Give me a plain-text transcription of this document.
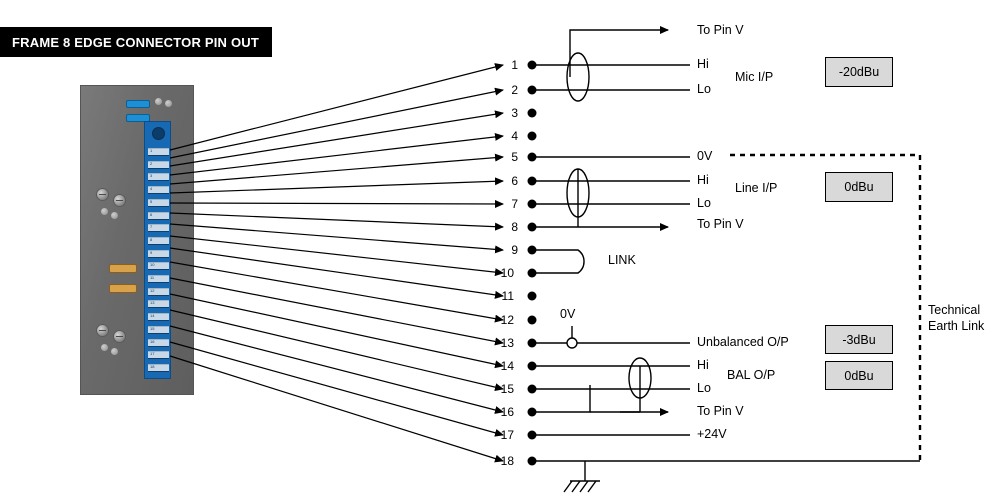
FRAME 8 EDGE CONNECTOR PIN OUT
1
2
3
4
5
6
7
8
9
10
11
12
13
14
15
16
17
18
1
2
3
4
5
6
7
8
9
10
11
12
13
14
15
16
17
18
To Pin V
Hi
Lo
Mic I/P
0V
Hi
Lo
Line I/P
To Pin V
LINK
0V
Unbalanced O/P
Hi
Lo
BAL O/P
To Pin V
+24V
Technical
Earth Link
-20dBu
0dBu
-3dBu
0dBu
